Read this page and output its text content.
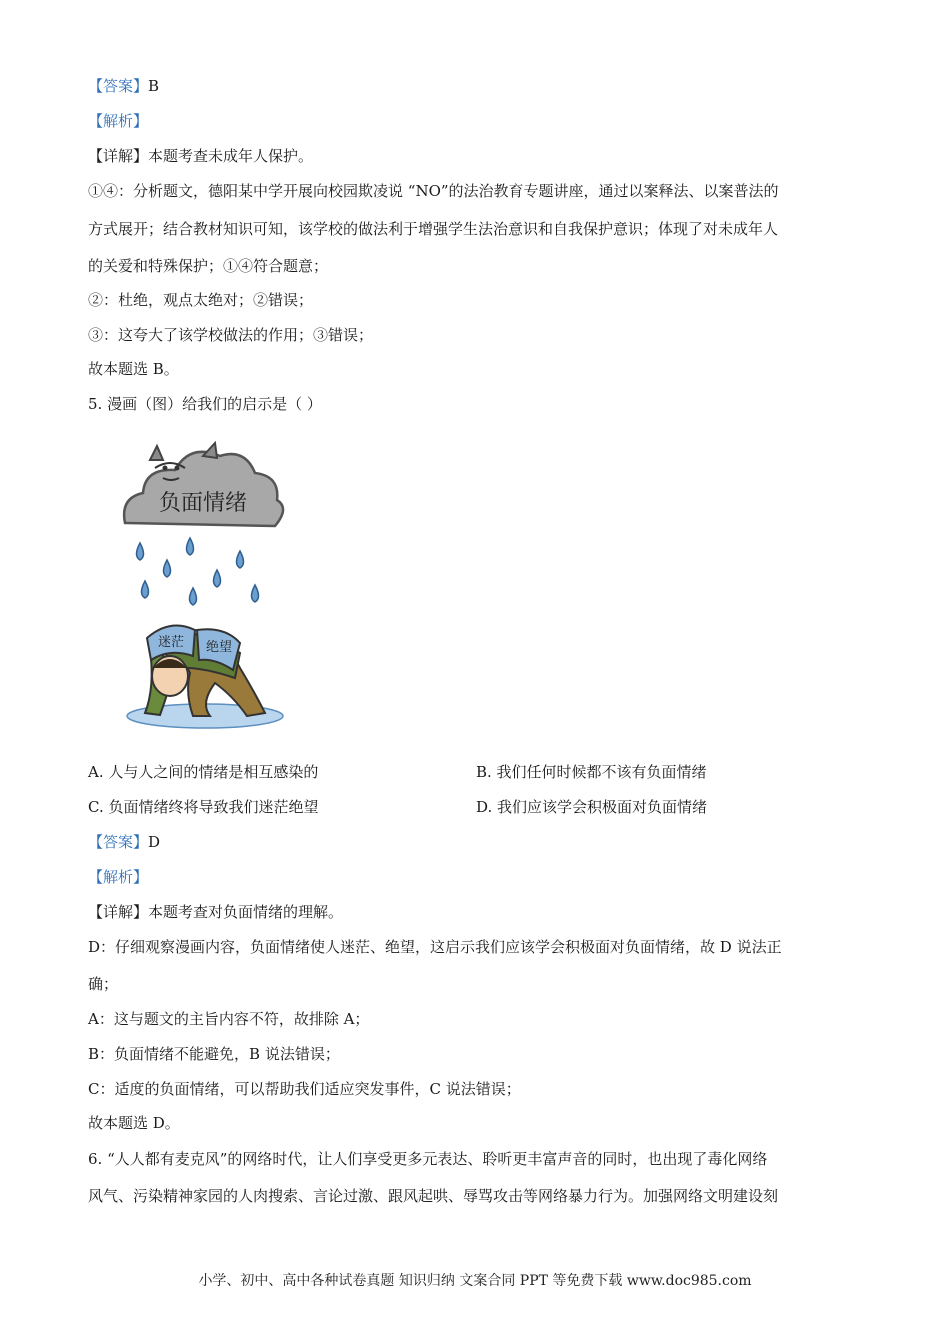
【答案】B
【解析】
【详解】本题考查未成年人保护。
①④：分析题文，德阳某中学开展向校园欺凌说 “NO”的法治教育专题讲座，通过以案释法、以案普法的
方式展开；结合教材知识可知，该学校的做法利于增强学生法治意识和自我保护意识；体现了对未成年人
的关爱和特殊保护；①④符合题意；
②：杜绝，观点太绝对；②错误；
③：这夸大了该学校做法的作用；③错误；
故本题选 B。
5. 漫画（图）给我们的启示是（ ）
负面情绪
迷茫 绝望
A. 人与人之间的情绪是相互感染的	B. 我们任何时候都不该有负面情绪
C. 负面情绪终将导致我们迷茫绝望	D. 我们应该学会积极面对负面情绪
【答案】D
【解析】
【详解】本题考查对负面情绪的理解。
D：仔细观察漫画内容，负面情绪使人迷茫、绝望，这启示我们应该学会积极面对负面情绪，故 D 说法正
确；
A：这与题文的主旨内容不符，故排除 A；
B：负面情绪不能避免，B 说法错误；
C：适度的负面情绪，可以帮助我们适应突发事件，C 说法错误；
故本题选 D。
6. “人人都有麦克风”的网络时代，让人们享受更多元表达、聆听更丰富声音的同时，也出现了毒化网络
风气、污染精神家园的人肉搜索、言论过激、跟风起哄、辱骂攻击等网络暴力行为。加强网络文明建设刻
小学、初中、高中各种试卷真题 知识归纳 文案合同 PPT 等免费下载 www.doc985.com
